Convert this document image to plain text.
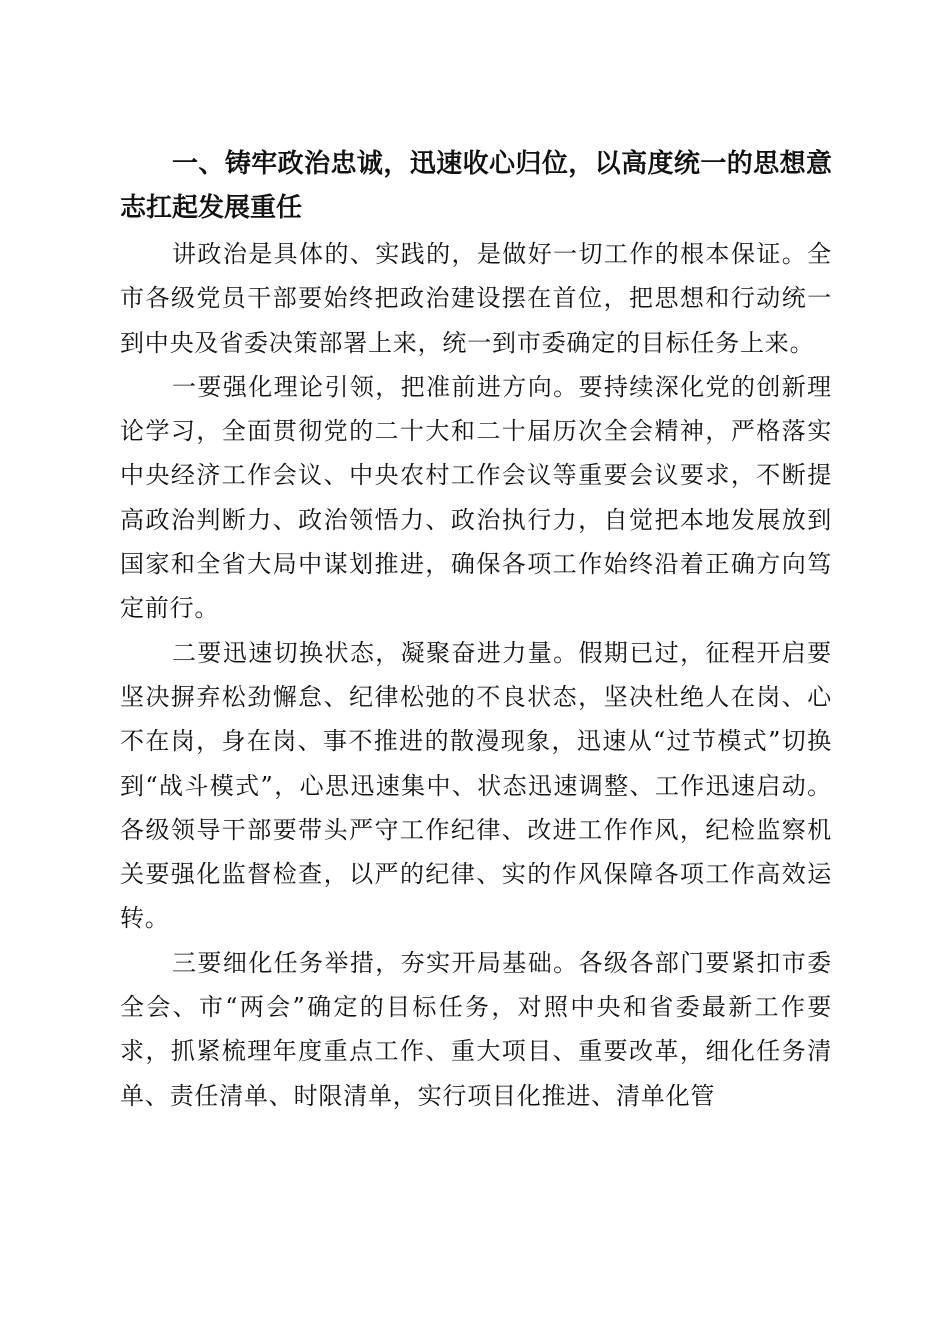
一、铸牢政治忠诚，迅速收心归位，以高度统一的思想意志扛起发展重任

讲政治是具体的、实践的，是做好一切工作的根本保证。全市各级党员干部要始终把政治建设摆在首位，把思想和行动统一到中央及省委决策部署上来，统一到市委确定的目标任务上来。

一要强化理论引领，把准前进方向。要持续深化党的创新理论学习，全面贯彻党的二十大和二十届历次全会精神，严格落实中央经济工作会议、中央农村工作会议等重要会议要求，不断提高政治判断力、政治领悟力、政治执行力，自觉把本地发展放到国家和全省大局中谋划推进，确保各项工作始终沿着正确方向笃定前行。

二要迅速切换状态，凝聚奋进力量。假期已过，征程开启要坚决摒弃松劲懈怠、纪律松弛的不良状态，坚决杜绝人在岗、心不在岗，身在岗、事不推进的散漫现象，迅速从“过节模式”切换到“战斗模式”，心思迅速集中、状态迅速调整、工作迅速启动。各级领导干部要带头严守工作纪律、改进工作作风，纪检监察机关要强化监督检查，以严的纪律、实的作风保障各项工作高效运转。

三要细化任务举措，夯实开局基础。各级各部门要紧扣市委全会、市“两会”确定的目标任务，对照中央和省委最新工作要求，抓紧梳理年度重点工作、重大项目、重要改革，细化任务清单、责任清单、时限清单，实行项目化推进、清单化管
